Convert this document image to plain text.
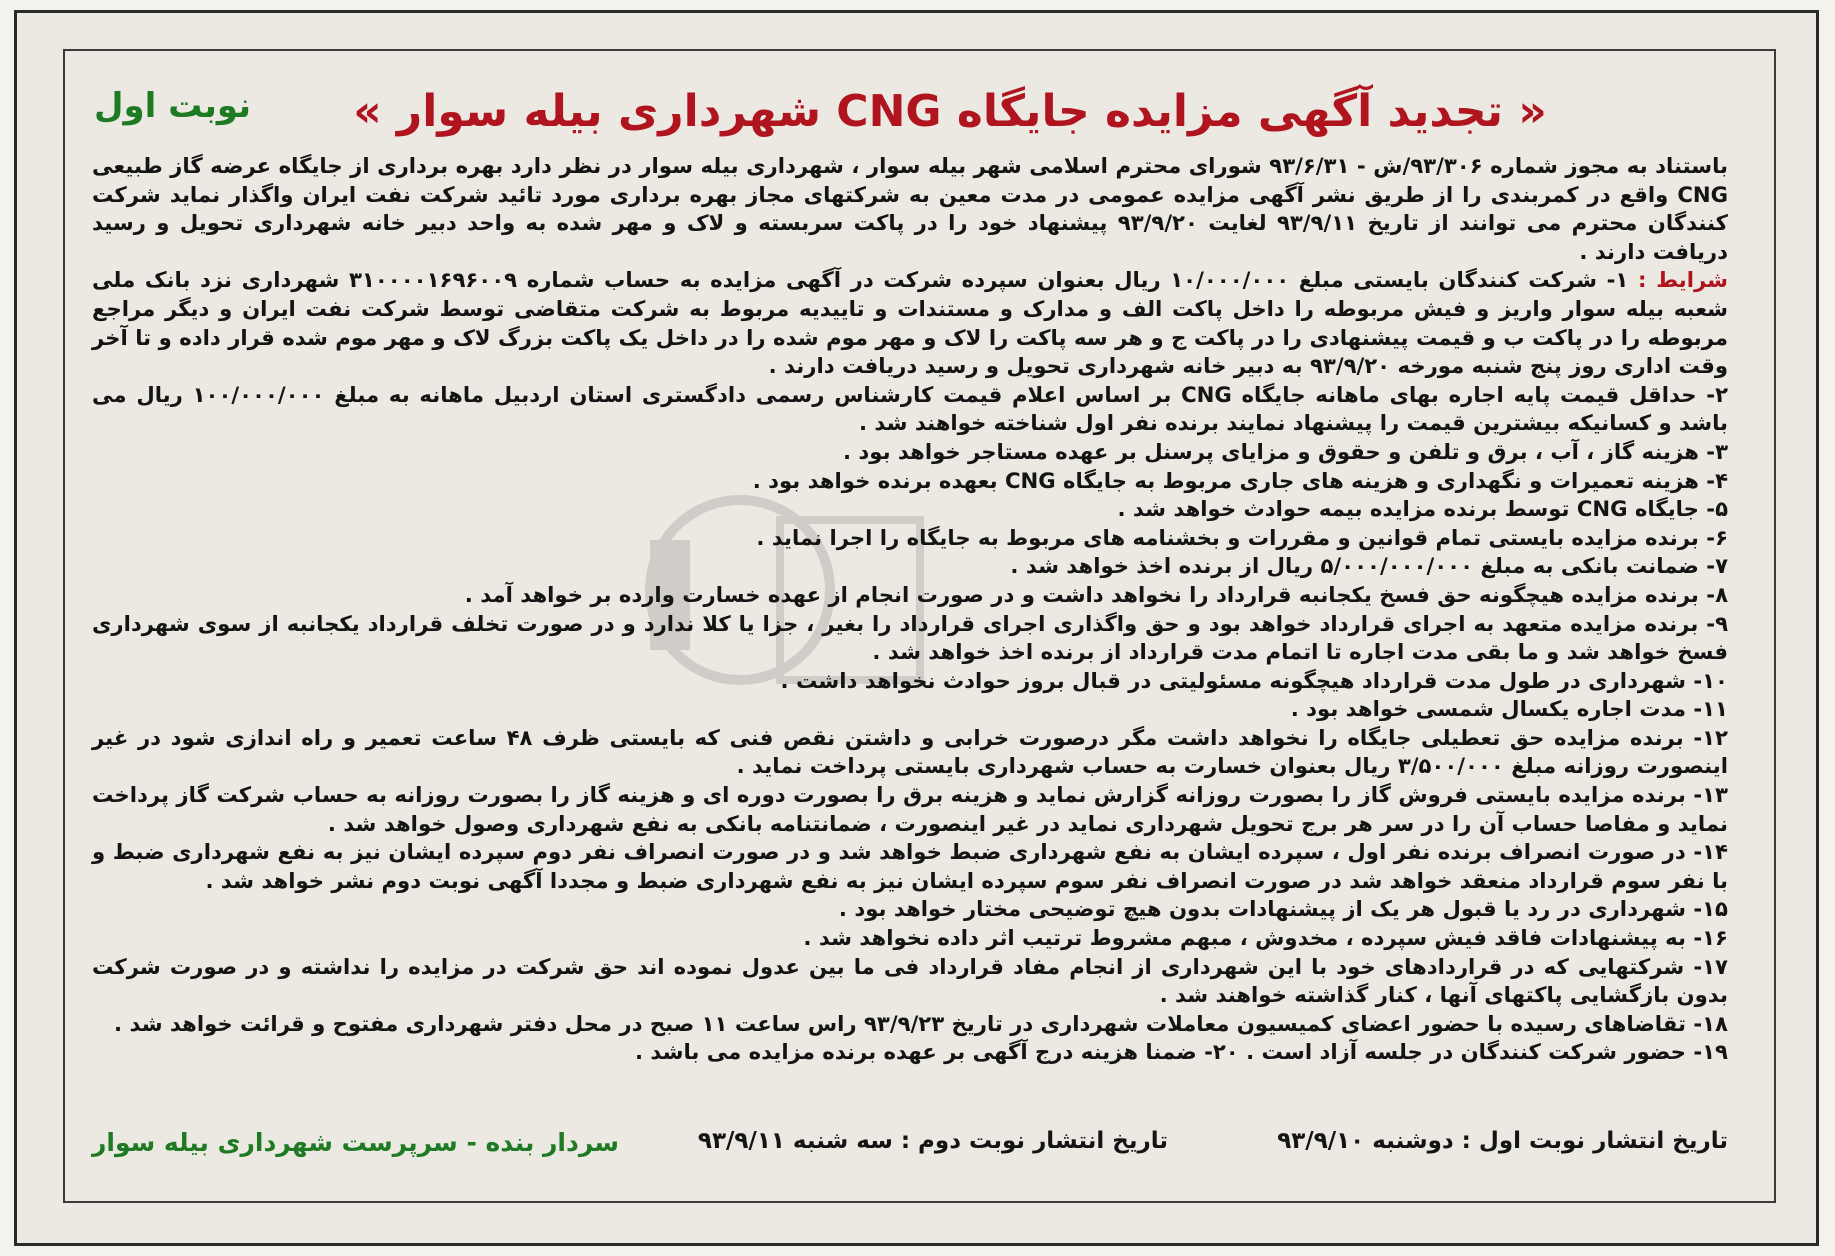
نوبت اول	« تجدید آگهی مزایده جایگاه CNG شهرداری بیله سوار »

باستناد به مجوز شماره ۹۳/۳۰۶/ش - ۹۳/۶/۳۱ شورای محترم اسلامی شهر بیله سوار ، شهرداری بیله سوار در نظر دارد بهره برداری از جایگاه عرضه گاز طبیعی CNG واقع در کمربندی را از طریق نشر آگهی مزایده عمومی در مدت معین به شرکتهای مجاز بهره برداری مورد تائید شرکت نفت ایران واگذار نماید شرکت کنندگان محترم می توانند از تاریخ ۹۳/۹/۱۱ لغایت ۹۳/۹/۲۰ پیشنهاد خود را در پاکت سربسته و لاک و مهر شده به واحد دبیر خانه شهرداری تحویل و رسید دریافت دارند .

شرایط : ۱- شرکت کنندگان بایستی مبلغ ۱۰/۰۰۰/۰۰۰ ریال بعنوان سپرده شرکت در آگهی مزایده به حساب شماره ۳۱۰۰۰۰۱۶۹۶۰۰۹ شهرداری نزد بانک ملی شعبه بیله سوار واریز و فیش مربوطه را داخل پاکت الف و مدارک و مستندات و تاییدیه مربوط به شرکت متقاضی توسط شرکت نفت ایران و دیگر مراجع مربوطه را در پاکت ب و قیمت پیشنهادی را در پاکت ج و هر سه پاکت را لاک و مهر موم شده را در داخل یک پاکت بزرگ لاک و مهر موم شده قرار داده و تا آخر وقت اداری روز پنج شنبه مورخه ۹۳/۹/۲۰ به دبیر خانه شهرداری تحویل و رسید دریافت دارند .

۲- حداقل قیمت پایه اجاره بهای ماهانه جایگاه CNG بر اساس اعلام قیمت کارشناس رسمی دادگستری استان اردبیل ماهانه به مبلغ ۱۰۰/۰۰۰/۰۰۰ ریال می باشد و کسانیکه بیشترین قیمت را پیشنهاد نمایند برنده نفر اول شناخته خواهند شد .

۳- هزینه گاز ، آب ، برق و تلفن و حقوق و مزایای پرسنل بر عهده مستاجر خواهد بود .

۴- هزینه تعمیرات و نگهداری و هزینه های جاری مربوط به جایگاه CNG بعهده برنده خواهد بود .

۵- جایگاه CNG توسط برنده مزایده بیمه حوادث خواهد شد .

۶- برنده مزایده بایستی تمام قوانین و مقررات و بخشنامه های مربوط به جایگاه را اجرا نماید .

۷- ضمانت بانکی به مبلغ ۵/۰۰۰/۰۰۰/۰۰۰ ریال از برنده اخذ خواهد شد .

۸- برنده مزایده هیچگونه حق فسخ یکجانبه قرارداد را نخواهد داشت و در صورت انجام از عهده خسارت وارده بر خواهد آمد .

۹- برنده مزایده متعهد به اجرای قرارداد خواهد بود و حق واگذاری اجرای قرارداد را بغیر ، جزا یا کلا ندارد و در صورت تخلف قرارداد یکجانبه از سوی شهرداری فسخ خواهد شد و ما بقی مدت اجاره تا اتمام مدت قرارداد از برنده اخذ خواهد شد .

۱۰- شهرداری در طول مدت قرارداد هیچگونه مسئولیتی در قبال بروز حوادث نخواهد داشت .

۱۱- مدت اجاره یکسال شمسی خواهد بود .

۱۲- برنده مزایده حق تعطیلی جایگاه را نخواهد داشت مگر درصورت خرابی و داشتن نقص فنی که بایستی ظرف ۴۸ ساعت تعمیر و راه اندازی شود در غیر اینصورت روزانه مبلغ ۳/۵۰۰/۰۰۰ ریال بعنوان خسارت به حساب شهرداری بایستی پرداخت نماید .

۱۳- برنده مزایده بایستی فروش گاز را بصورت روزانه گزارش نماید و هزینه برق را بصورت دوره ای و هزینه گاز را بصورت روزانه به حساب شرکت گاز پرداخت نماید و مفاصا حساب آن را در سر هر برج تحویل شهرداری نماید در غیر اینصورت ، ضمانتنامه بانکی به نفع شهرداری وصول خواهد شد .

۱۴- در صورت انصراف برنده نفر اول ، سپرده ایشان به نفع شهرداری ضبط خواهد شد و در صورت انصراف نفر دوم سپرده ایشان نیز به نفع شهرداری ضبط و با نفر سوم قرارداد منعقد خواهد شد در صورت انصراف نفر سوم سپرده ایشان نیز به نفع شهرداری ضبط و مجددا آگهی نوبت دوم نشر خواهد شد .

۱۵- شهرداری در رد یا قبول هر یک از پیشنهادات بدون هیچ توضیحی مختار خواهد بود .

۱۶- به پیشنهادات فاقد فیش سپرده ، مخدوش ، مبهم مشروط ترتیب اثر داده نخواهد شد .

۱۷- شرکتهایی که در قراردادهای خود با این شهرداری از انجام مفاد قرارداد فی ما بین عدول نموده اند حق شرکت در مزایده را نداشته و در صورت شرکت بدون بازگشایی پاکتهای آنها ، کنار گذاشته خواهند شد .

۱۸- تقاضاهای رسیده با حضور اعضای کمیسیون معاملات شهرداری در تاریخ ۹۳/۹/۲۳ راس ساعت ۱۱ صبح در محل دفتر شهرداری مفتوح و قرائت خواهد شد .

۱۹- حضور شرکت کنندگان در جلسه آزاد است . ۲۰- ضمنا هزینه درج آگهی بر عهده برنده مزایده می باشد .

تاریخ انتشار نوبت اول : دوشنبه ۹۳/۹/۱۰
تاریخ انتشار نوبت دوم : سه شنبه ۹۳/۹/۱۱
سردار بنده - سرپرست شهرداری بیله سوار
